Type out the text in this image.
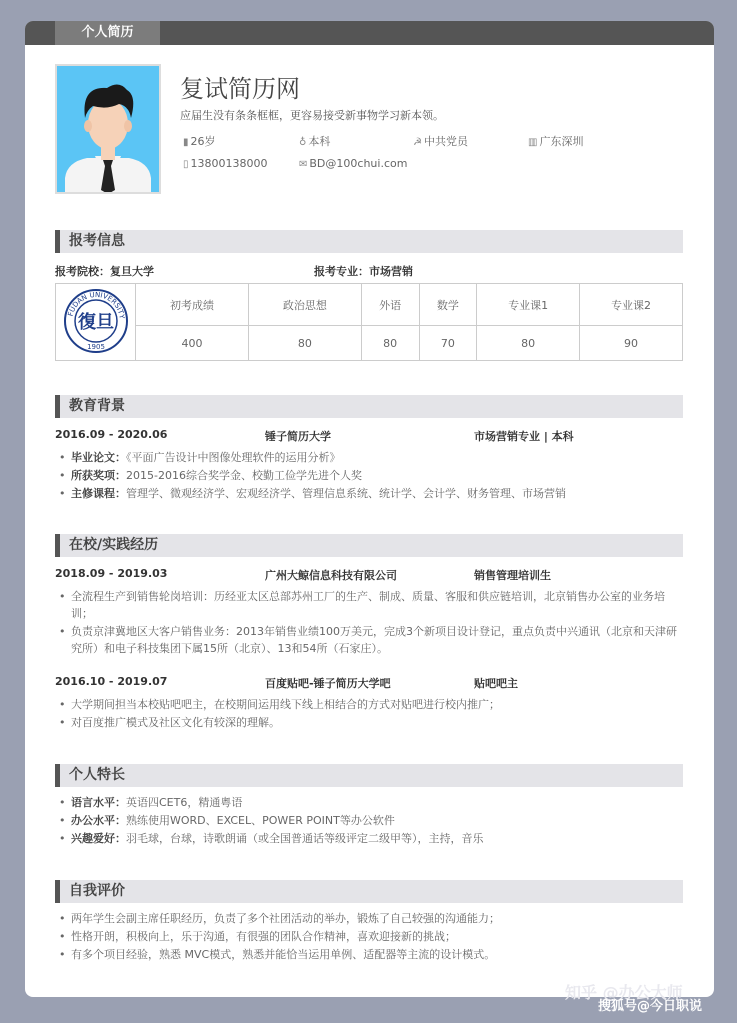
个人简历
复试简历网
应届生没有条条框框，更容易接受新事物学习新本领。
▮ 26岁	♁ 本科	☭ 中共党员	▥ 广东深圳
▯ 13800138000	✉ BD@100chui.com
报考信息
报考院校：复旦大学	报考专业：市场营销
FUDAN UNIVERSITY
復旦
1905	初考成绩	政治思想	外语	数学	专业课1	专业课2
	400	80	80	70	80	90
教育背景
2016.09 - 2020.06	锤子简历大学	市场营销专业 | 本科
• 毕业论文：《平面广告设计中图像处理软件的运用分析》
• 所获奖项：2015-2016综合奖学金、校勤工俭学先进个人奖
• 主修课程：管理学、微观经济学、宏观经济学、管理信息系统、统计学、会计学、财务管理、市场营销
在校/实践经历
2018.09 - 2019.03	广州大鲸信息科技有限公司	销售管理培训生
• 全流程生产到销售轮岗培训：历经亚太区总部苏州工厂的生产、制成、质量、客服和供应链培训，北京销售办公室的业务培训；
• 负责京津冀地区大客户销售业务：2013年销售业绩100万美元，完成3个新项目设计登记，重点负责中兴通讯（北京和天津研究所）和电子科技集团下属15所（北京）、13和54所（石家庄）。
2016.10 - 2019.07	百度贴吧-锤子简历大学吧	贴吧吧主
• 大学期间担当本校贴吧吧主，在校期间运用线下线上相结合的方式对贴吧进行校内推广；
• 对百度推广模式及社区文化有较深的理解。
个人特长
• 语言水平：英语四CET6，精通粤语
• 办公水平：熟练使用WORD、EXCEL、POWER POINT等办公软件
• 兴趣爱好：羽毛球，台球，诗歌朗诵（或全国普通话等级评定二级甲等），主持，音乐
自我评价
• 两年学生会副主席任职经历，负责了多个社团活动的举办，锻炼了自己较强的沟通能力；
• 性格开朗，积极向上，乐于沟通，有很强的团队合作精神，喜欢迎接新的挑战；
• 有多个项目经验，熟悉 MVC模式，熟悉并能恰当运用单例、适配器等主流的设计模式。
知乎 @办公大师
搜狐号@今日职说
